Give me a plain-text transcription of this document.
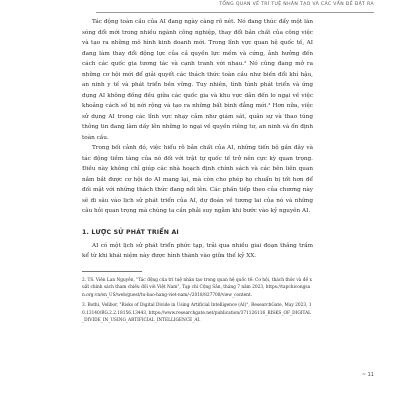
TỔNG QUAN VỀ TRÍ TUỆ NHÂN TẠO VÀ CÁC VẤN ĐỀ ĐẶT RA

Tác động toàn cầu của AI đang ngày càng rõ nét. Nó đang thúc đẩy một làn sóng đổi mới trong nhiều ngành công nghiệp, thay đổi bản chất của công việc và tạo ra những mô hình kinh doanh mới. Trong lĩnh vực quan hệ quốc tế, AI đang làm thay đổi động lực của cả quyền lực mềm và cứng, ảnh hưởng đến cách các quốc gia tương tác và cạnh tranh với nhau.² Nó cũng đang mở ra những cơ hội mới để giải quyết các thách thức toàn cầu như biến đổi khí hậu, an ninh y tế và phát triển bền vững. Tuy nhiên, tình hình phát triển và ứng dụng AI không đồng đều giữa các quốc gia và khu vực dẫn đến lo ngại về việc khoảng cách số bị nới rộng và tạo ra những bất bình đẳng mới.³ Hơn nữa, việc sử dụng AI trong các lĩnh vực nhạy cảm như giám sát, quân sự và thao túng thông tin đang làm dấy lên những lo ngại về quyền riêng tư, an ninh và ổn định toàn cầu.

Trong bối cảnh đó, việc hiểu rõ bản chất của AI, những tiến bộ gần đây và tác động tiềm tàng của nó đối với trật tự quốc tế trở nên cực kỳ quan trọng. Điều này không chỉ giúp các nhà hoạch định chính sách và các bên liên quan nắm bắt được cơ hội do AI mang lại, mà còn cho phép họ chuẩn bị tốt hơn để đối mặt với những thách thức đang nổi lên. Các phần tiếp theo của chương này sẽ đi sâu vào lịch sử phát triển của AI, dự đoán về tương lai của nó và những câu hỏi quan trọng mà chúng ta cần phải suy ngẫm khi bước vào kỷ nguyên AI.

1. LƯỢC SỬ PHÁT TRIỂN AI

AI có một lịch sử phát triển phức tạp, trải qua nhiều giai đoạn thăng trầm kể từ khi khái niệm này được hình thành vào giữa thế kỷ XX.

2. TS. Viên Lan Nguyên, "Tác động của trí tuệ nhân tạo trong quan hệ quốc tế: Cơ hội, thách thức và đề xuất chính sách tham chiếu đối với Việt Nam", Tạp chí Cộng Sản, tháng 7 năm 2023, https://tapchicongsan.org.vn/en_US/web/guest/tu-bao-hang-viet-nam/-/2018/827708/view_content.

3. Bothi, Velibor, "Risks of Digital Divide in Using Artificial Intelligence (AI)", ResearchGate, May 2023, 10.13140/RG.2.2.18156.13443, https://www.researchgate.net/publication/371126116_RISKS_OF_DIGITAL_DIVIDE_IN_USING_ARTIFICIAL_INTELLIGENCE_AI.

~ 11
